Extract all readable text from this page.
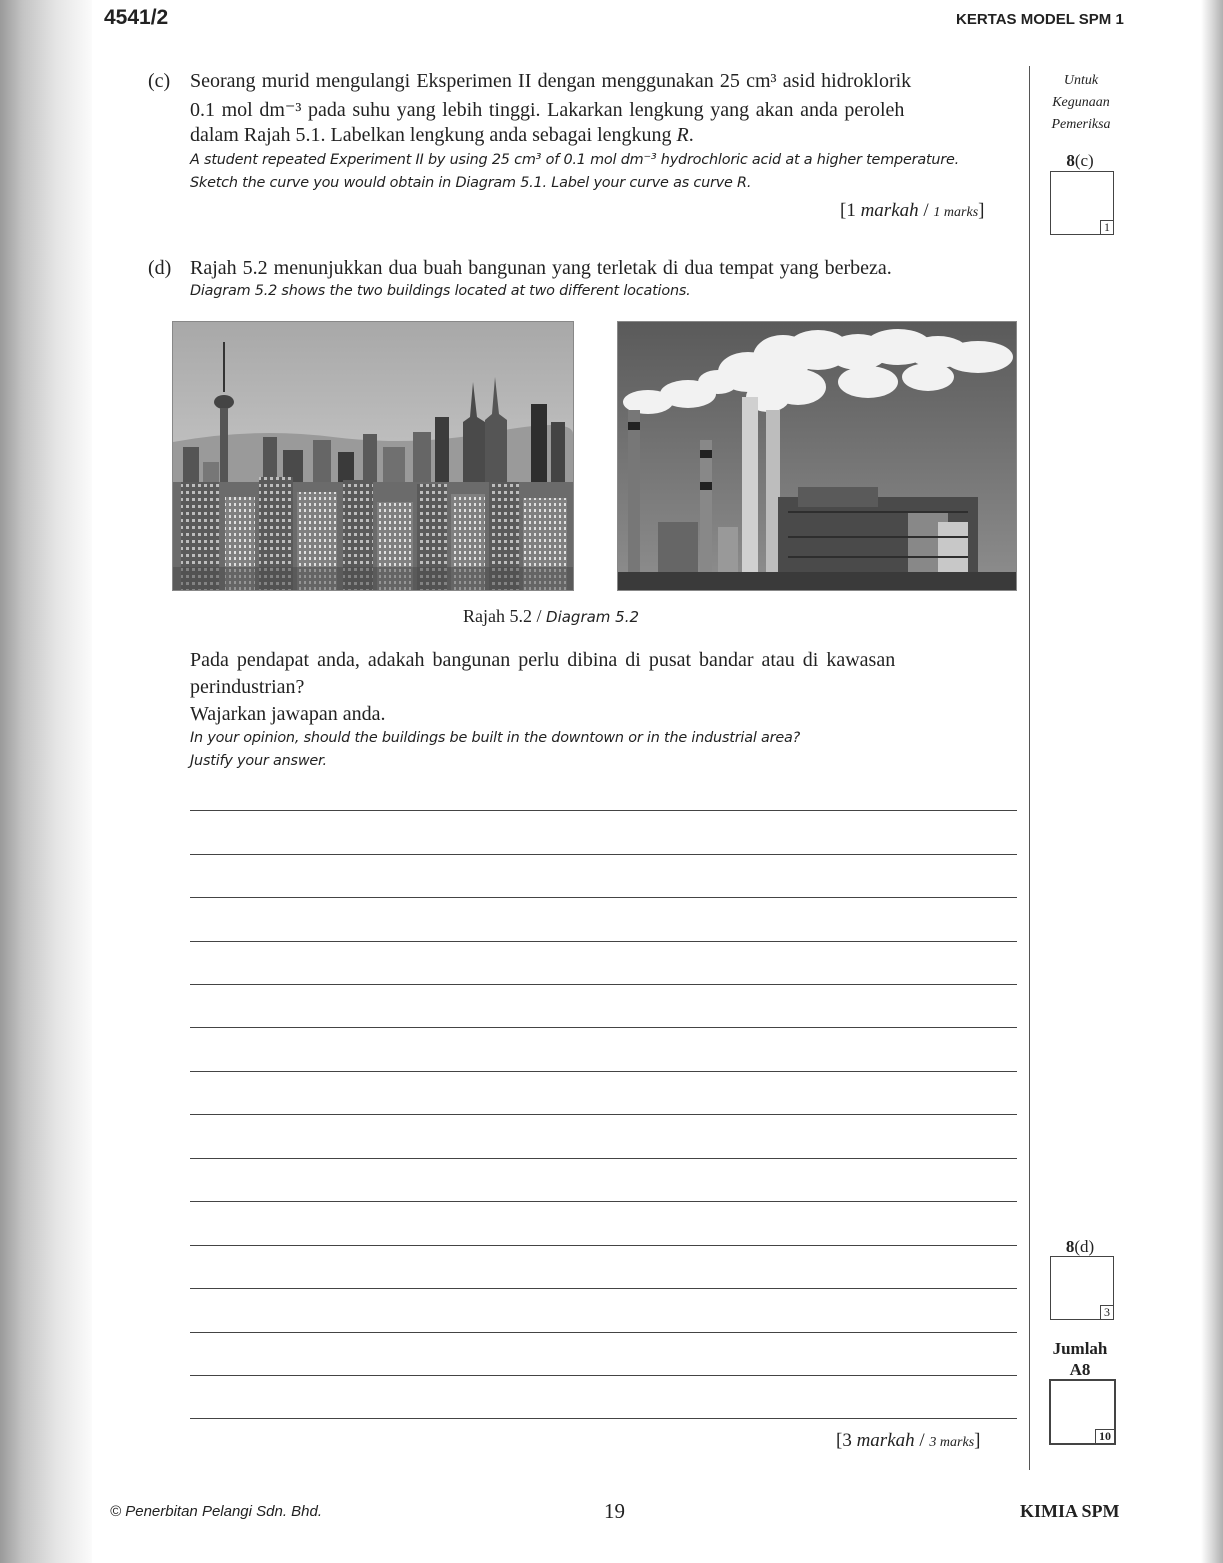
4541/2	KERTAS MODEL SPM 1
Untuk
Kegunaan
Pemeriksa
(c) Seorang murid mengulangi Eksperimen II dengan menggunakan 25 cm³ asid hidroklorik
0.1 mol dm⁻³ pada suhu yang lebih tinggi. Lakarkan lengkung yang akan anda peroleh
dalam Rajah 5.1. Labelkan lengkung anda sebagai lengkung R.
A student repeated Experiment II by using 25 cm³ of 0.1 mol dm⁻³ hydrochloric acid at a higher temperature.
Sketch the curve you would obtain in Diagram 5.1. Label your curve as curve R.
[1 markah / 1 marks]
8(c)
1
(d) Rajah 5.2 menunjukkan dua buah bangunan yang terletak di dua tempat yang berbeza.
Diagram 5.2 shows the two buildings located at two different locations.
Rajah 5.2 / Diagram 5.2
Pada pendapat anda, adakah bangunan perlu dibina di pusat bandar atau di kawasan
perindustrian?
Wajarkan jawapan anda.
In your opinion, should the buildings be built in the downtown or in the industrial area?
Justify your answer.
[3 markah / 3 marks]
8(d)
3
Jumlah
A8
10
© Penerbitan Pelangi Sdn. Bhd.	19	KIMIA SPM
